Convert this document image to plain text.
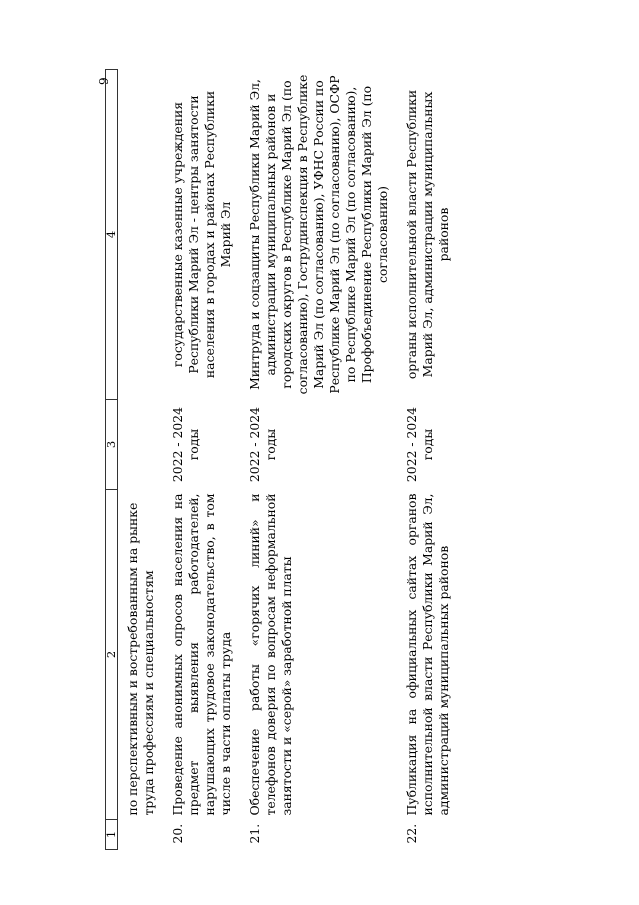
9
1	2	3	4

	по перспективным и востребованным на рынке труда профессиям и специальностям		
20.	Проведение анонимных опросов населения на предмет выявления работодателей, нарушающих трудовое законодательство, в том числе в части оплаты труда	2022 - 2024 годы	государственные казенные учреждения Республики Марий Эл - центры занятости населения в городах и районах Республики Марий Эл
21.	Обеспечение работы «горячих линий» и телефонов доверия по вопросам неформальной занятости и «серой» заработной платы	2022 - 2024 годы	Минтруда и соцзащиты Республики Марий Эл, администрации муниципальных районов и городских округов в Республике Марий Эл (по согласованию), Гострудинспекция в Республике Марий Эл (по согласованию), УФНС России по Республике Марий Эл (по согласованию), ОСФР по Республике Марий Эл (по согласованию), Профобъединение Республики Марий Эл (по согласованию)
22.	Публикация на официальных сайтах органов исполнительной власти Республики Марий Эл, администраций муниципальных районов	2022 - 2024 годы	органы исполнительной власти Республики Марий Эл, администрации муниципальных районов
